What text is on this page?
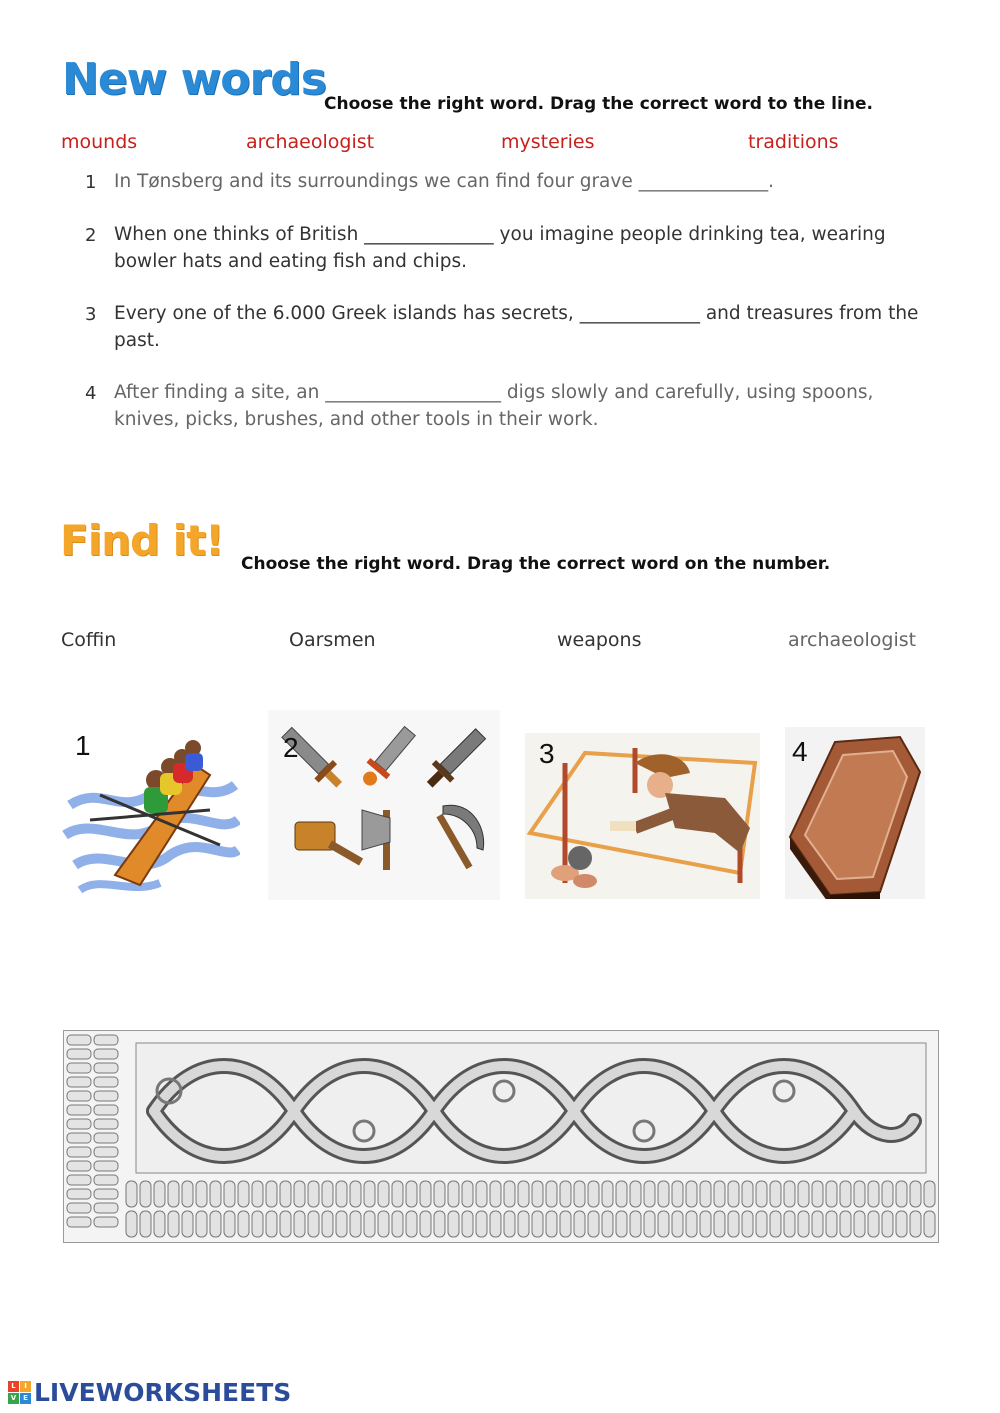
New words
Choose the right word. Drag the correct word to the line.
mounds	archaeologist	mysteries	traditions
1 In Tønsberg and its surroundings we can find four grave ______________.
2 When one thinks of British ______________ you imagine people drinking tea, wearing bowler hats and eating fish and chips.
3 Every one of the 6.000 Greek islands has secrets, _____________ and treasures from the past.
4 After finding a site, an ___________________ digs slowly and carefully, using spoons, knives, picks, brushes, and other tools in their work.
Find it! Choose the right word. Drag the correct word on the number.
Coffin	Oarsmen	weapons	archaeologist
1	2	3	4
L	I
V E LIVEWORKSHEETS
